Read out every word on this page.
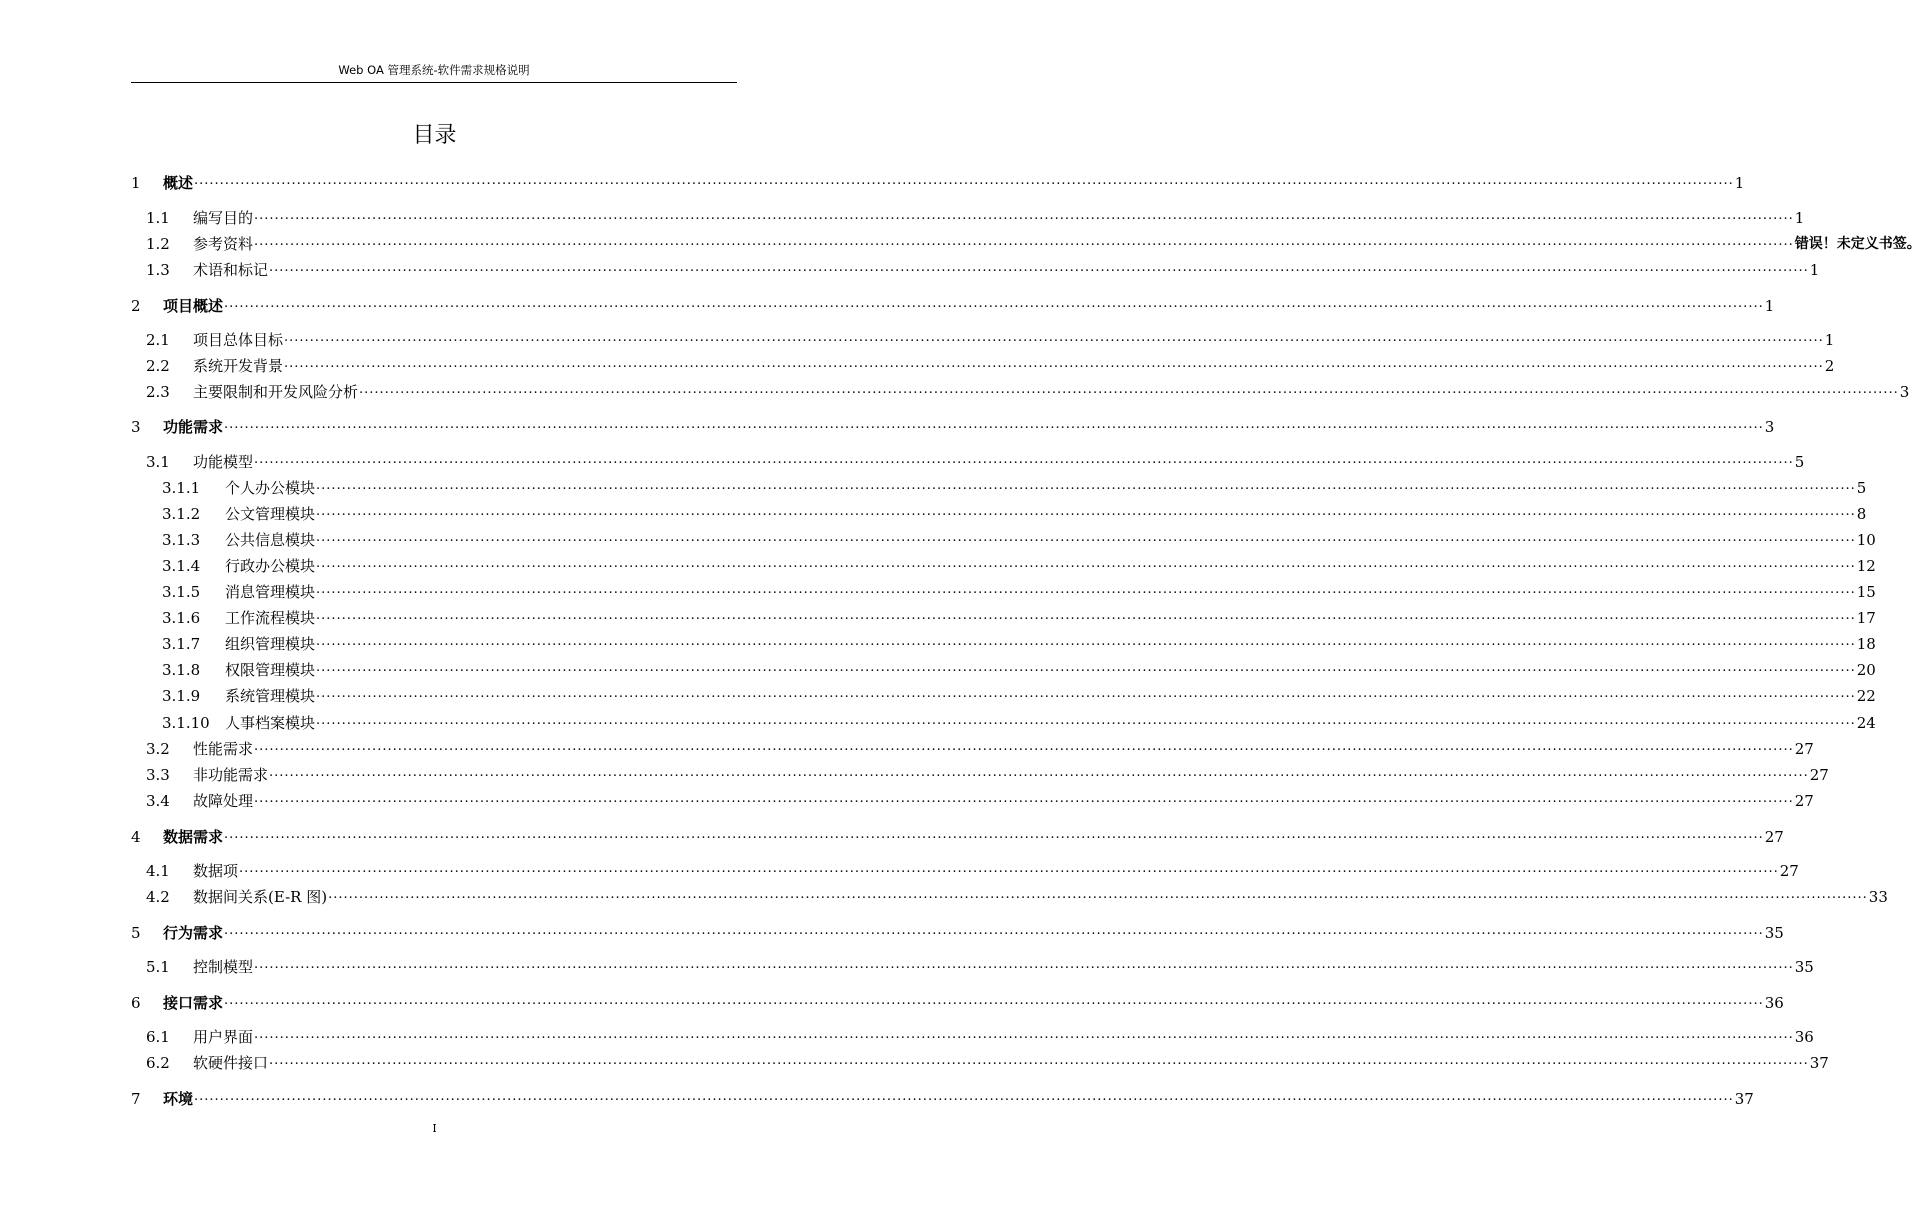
Web OA 管理系统-软件需求规格说明
目录
1	概述 ............................................................................................................................................................................................................................................................................................................ 1
1.1	编写目的 ............................................................................................................................................................................................................................................................................................................ 1
1.2	参考资料 ............................................................................................................................................................................................................................................................................................................ 错误！未定义书签。
1.3	术语和标记 ............................................................................................................................................................................................................................................................................................................ 1
2	项目概述 ............................................................................................................................................................................................................................................................................................................ 1
2.1	项目总体目标 ............................................................................................................................................................................................................................................................................................................ 1
2.2	系统开发背景 ............................................................................................................................................................................................................................................................................................................ 2
2.3	主要限制和开发风险分析 ............................................................................................................................................................................................................................................................................................................ 3
3	功能需求 ............................................................................................................................................................................................................................................................................................................ 3
3.1	功能模型 ............................................................................................................................................................................................................................................................................................................ 5
3.1.1	个人办公模块 ............................................................................................................................................................................................................................................................................................................ 5
3.1.2	公文管理模块 ............................................................................................................................................................................................................................................................................................................ 8
3.1.3	公共信息模块 ............................................................................................................................................................................................................................................................................................................ 10
3.1.4	行政办公模块 ............................................................................................................................................................................................................................................................................................................ 12
3.1.5	消息管理模块 ............................................................................................................................................................................................................................................................................................................ 15
3.1.6	工作流程模块 ............................................................................................................................................................................................................................................................................................................ 17
3.1.7	组织管理模块 ............................................................................................................................................................................................................................................................................................................ 18
3.1.8	权限管理模块 ............................................................................................................................................................................................................................................................................................................ 20
3.1.9	系统管理模块 ............................................................................................................................................................................................................................................................................................................ 22
3.1.10	人事档案模块 ............................................................................................................................................................................................................................................................................................................ 24
3.2	性能需求 ............................................................................................................................................................................................................................................................................................................ 27
3.3	非功能需求 ............................................................................................................................................................................................................................................................................................................ 27
3.4	故障处理 ............................................................................................................................................................................................................................................................................................................ 27
4	数据需求 ............................................................................................................................................................................................................................................................................................................ 27
4.1	数据项 ............................................................................................................................................................................................................................................................................................................ 27
4.2	数据间关系(E-R 图) ............................................................................................................................................................................................................................................................................................................ 33
5	行为需求 ............................................................................................................................................................................................................................................................................................................ 35
5.1	控制模型 ............................................................................................................................................................................................................................................................................................................ 35
6	接口需求 ............................................................................................................................................................................................................................................................................................................ 36
6.1	用户界面 ............................................................................................................................................................................................................................................................................................................ 36
6.2	软硬件接口 ............................................................................................................................................................................................................................................................................................................ 37
7	环境 ............................................................................................................................................................................................................................................................................................................ 37
I
